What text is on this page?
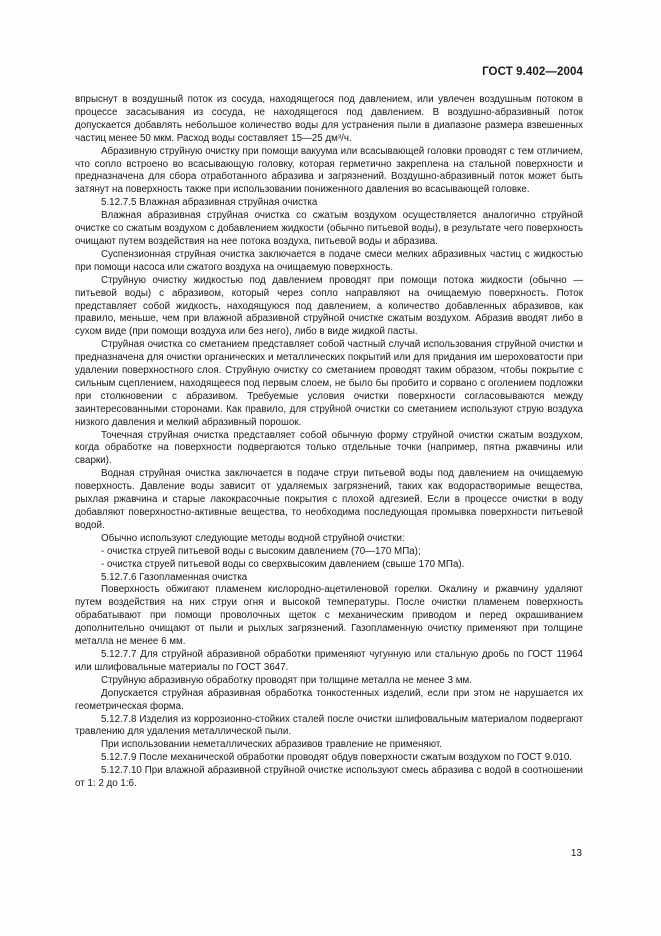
ГОСТ 9.402—2004

впрыснут в воздушный поток из сосуда, находящегося под давлением, или увлечен воздушным потоком в процессе засасывания из сосуда, не находящегося под давлением. В воздушно-абразивный поток допускается добавлять небольшое количество воды для устранения пыли в диапазоне размера взвешенных частиц менее 50 мкм. Расход воды составляет 15—25 дм³/ч.

Абразивную струйную очистку при помощи вакуума или всасывающей головки проводят с тем отличием, что сопло встроено во всасывающую головку, которая герметично закреплена на стальной поверхности и предназначена для сбора отработанного абразива и загрязнений. Воздушно-абразивный поток может быть затянут на поверхность также при использовании пониженного давления во всасывающей головке.

5.12.7.5 Влажная абразивная струйная очистка

Влажная абразивная струйная очистка со сжатым воздухом осуществляется аналогично струйной очистке со сжатым воздухом с добавлением жидкости (обычно питьевой воды), в результате чего поверхность очищают путем воздействия на нее потока воздуха, питьевой воды и абразива.

Суспензионная струйная очистка заключается в подаче смеси мелких абразивных частиц с жидкостью при помощи насоса или сжатого воздуха на очищаемую поверхность.

Струйную очистку жидкостью под давлением проводят при помощи потока жидкости (обычно — питьевой воды) с абразивом, который через сопло направляют на очищаемую поверхность. Поток представляет собой жидкость, находящуюся под давлением, а количество добавленных абразивов, как правило, меньше, чем при влажной абразивной струйной очистке сжатым воздухом. Абразив вводят либо в сухом виде (при помощи воздуха или без него), либо в виде жидкой пасты.

Струйная очистка со сметанием представляет собой частный случай использования струйной очистки и предназначена для очистки органических и металлических покрытий или для придания им шероховатости при удалении поверхностного слоя. Струйную очистку со сметанием проводят таким образом, чтобы покрытие с сильным сцеплением, находящееся под первым слоем, не было бы пробито и сорвано с оголением подложки при столкновении с абразивом. Требуемые условия очистки поверхности согласовываются между заинтересованными сторонами. Как правило, для струйной очистки со сметанием используют струю воздуха низкого давления и мелкий абразивный порошок.

Точечная струйная очистка представляет собой обычную форму струйной очистки сжатым воздухом, когда обработке на поверхности подвергаются только отдельные точки (например, пятна ржавчины или сварки).

Водная струйная очистка заключается в подаче струи питьевой воды под давлением на очищаемую поверхность. Давление воды зависит от удаляемых загрязнений, таких как водорастворимые вещества, рыхлая ржавчина и старые лакокрасочные покрытия с плохой адгезией. Если в процессе очистки в воду добавляют поверхностно-активные вещества, то необходима последующая промывка поверхности питьевой водой.

Обычно используют следующие методы водной струйной очистки:

- очистка струей питьевой воды с высоким давлением (70—170 МПа);

- очистка струей питьевой воды со сверхвысоким давлением (свыше 170 МПа).

5.12.7.6 Газопламенная очистка

Поверхность обжигают пламенем кислородно-ацетиленовой горелки. Окалину и ржавчину удаляют путем воздействия на них струи огня и высокой температуры. После очистки пламенем поверхность обрабатывают при помощи проволочных щеток с механическим приводом и перед окрашиванием дополнительно очищают от пыли и рыхлых загрязнений. Газопламенную очистку применяют при толщине металла не менее 6 мм.

5.12.7.7 Для струйной абразивной обработки применяют чугунную или стальную дробь по ГОСТ 11964 или шлифовальные материалы по ГОСТ 3647.

Струйную абразивную обработку проводят при толщине металла не менее 3 мм.

Допускается струйная абразивная обработка тонкостенных изделий, если при этом не нарушается их геометрическая форма.

5.12.7.8 Изделия из коррозионно-стойких сталей после очистки шлифовальным материалом подвергают травлению для удаления металлической пыли.

При использовании неметаллических абразивов травление не применяют.

5.12.7.9 После механической обработки проводят обдув поверхности сжатым воздухом по ГОСТ 9.010.

5.12.7.10 При влажной абразивной струйной очистке используют смесь абразива с водой в соотношении от 1: 2 до 1:6.

13
